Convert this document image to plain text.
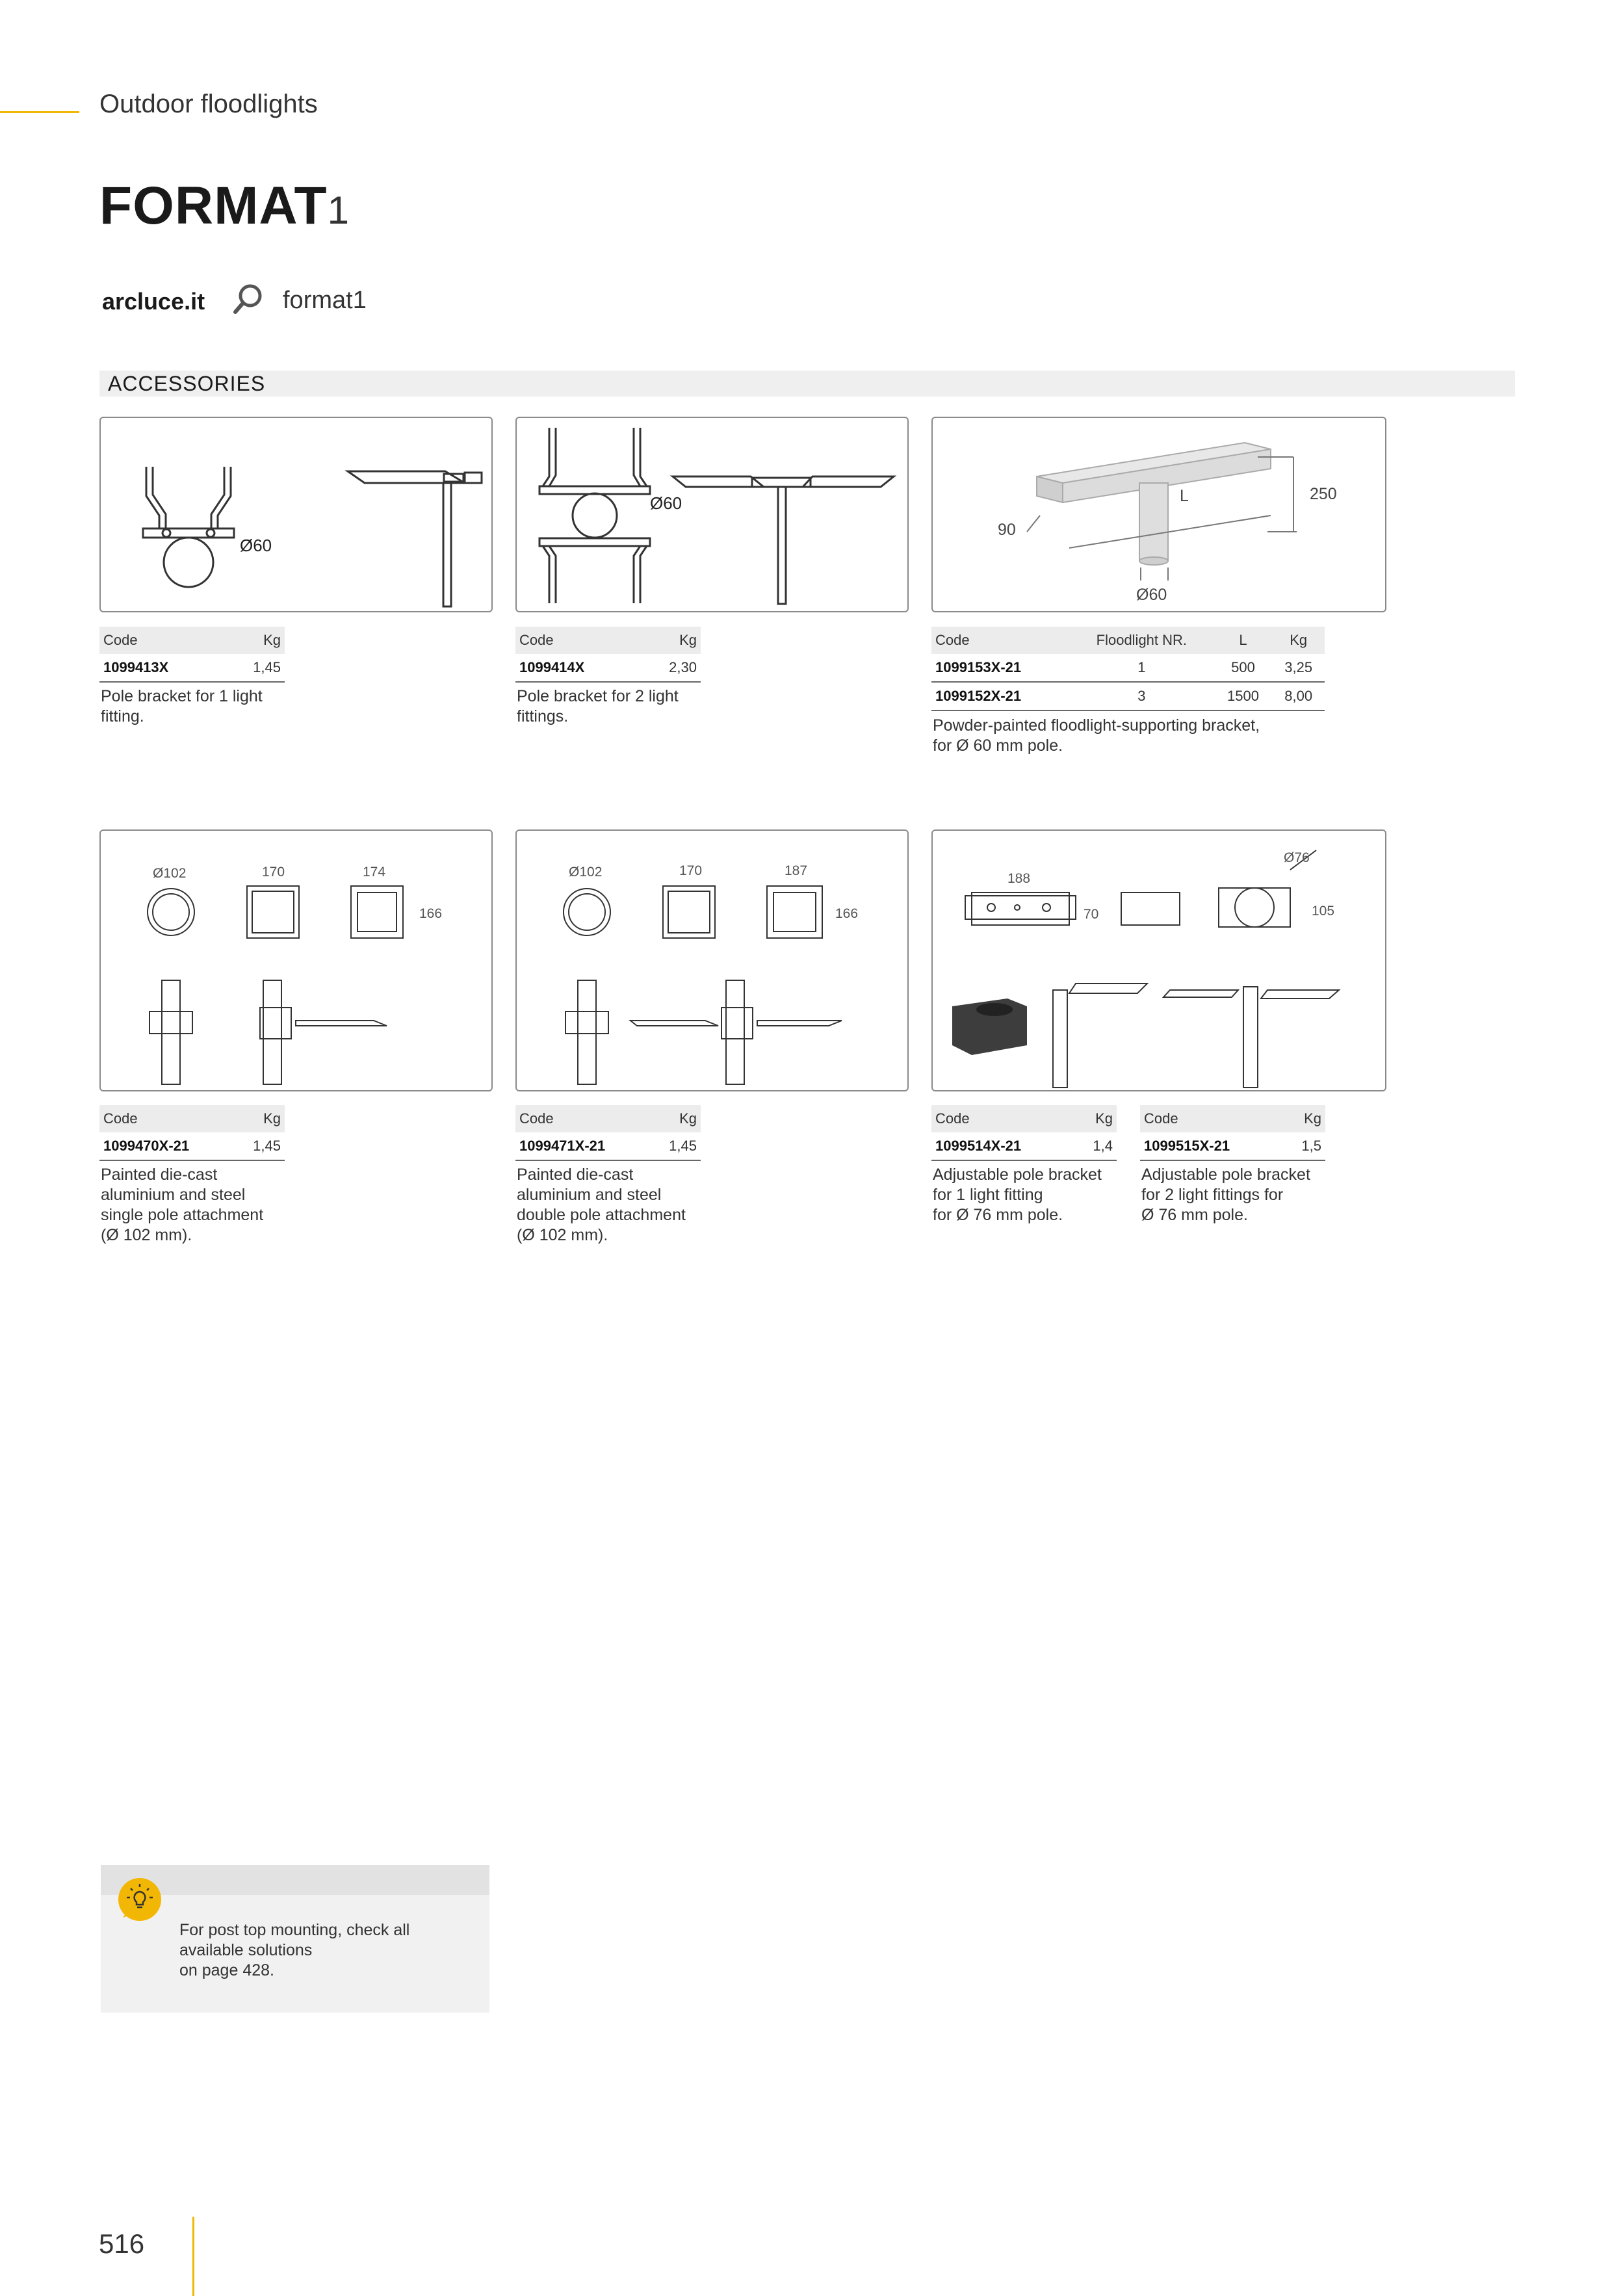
Outdoor floodlights
FORMAT1
arcluce.it	format1
ACCESSORIES
Ø60
Ø60	250
90
L
Ø60
Ø102	170	174
166
Ø102	170	187
166
188
70
Ø76
105
Code	Kg
1099413X	1,45
Pole bracket for 1 light
fitting.
Code	Kg
1099414X	2,30
Pole bracket for 2 light
fittings.
Code	Floodlight NR.	L	Kg
1099153X-21	1	500	3,25
1099152X-21	3	1500	8,00
Powder-painted floodlight-supporting bracket,
for Ø 60 mm pole.
Code	Kg
1099470X-21	1,45
Painted die-cast
aluminium and steel
single pole attachment
(Ø 102 mm).
Code	Kg
1099471X-21	1,45
Painted die-cast
aluminium and steel
double pole attachment
(Ø 102 mm).
Code	Kg
1099514X-21	1,4
Adjustable pole bracket
for 1 light fitting
for Ø 76 mm pole.
Code	Kg
1099515X-21	1,5
Adjustable pole bracket
for 2 light fittings for
Ø 76 mm pole.
For post top mounting, check all
available solutions
on page 428.
516
